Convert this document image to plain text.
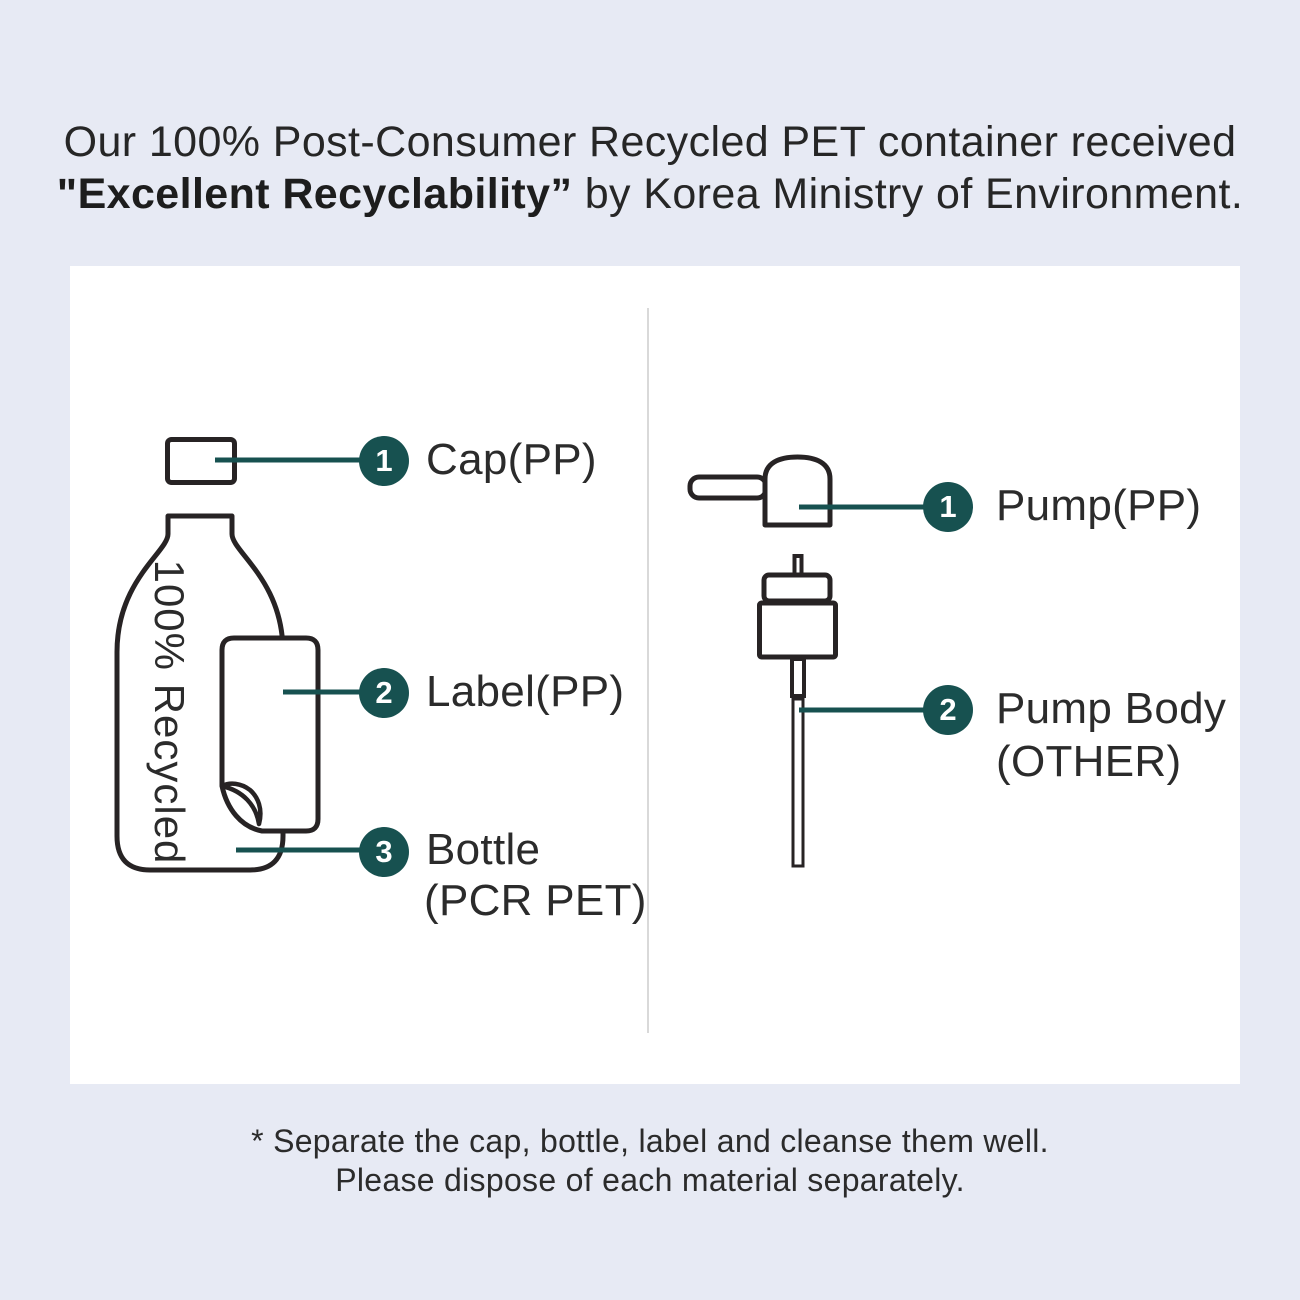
Our 100% Post-Consumer Recycled PET container received
"Excellent Recyclability” by Korea Ministry of Environment.
100% Recycled
1
2
3
Cap(PP)
Label(PP)
Bottle
(PCR PET)
1
2
Pump(PP)
Pump Body
(OTHER)
* Separate the cap, bottle, label and cleanse them well.
Please dispose of each material separately.
